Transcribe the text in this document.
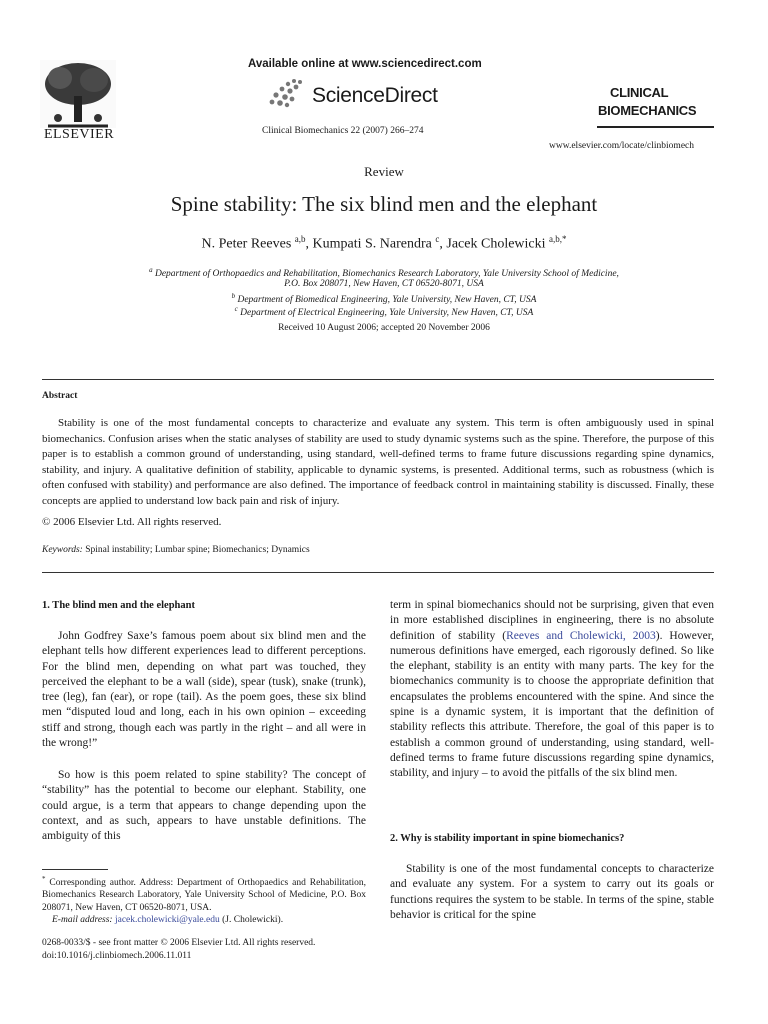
ELSEVIER
Available online at www.sciencedirect.com
ScienceDirect
Clinical Biomechanics 22 (2007) 266–274
CLINICAL
BIOMECHANICS
www.elsevier.com/locate/clinbiomech
Review
Spine stability: The six blind men and the elephant
N. Peter Reeves $^{a,b}$, Kumpati S. Narendra $^c$, Jacek Cholewicki $^{a,b,*}$
$^a$ Department of Orthopaedics and Rehabilitation, Biomechanics Research Laboratory, Yale University School of Medicine,
P.O. Box 208071, New Haven, CT 06520-8071, USA
$^b$ Department of Biomedical Engineering, Yale University, New Haven, CT, USA
$^c$ Department of Electrical Engineering, Yale University, New Haven, CT, USA
Received 10 August 2006; accepted 20 November 2006
Abstract

Stability is one of the most fundamental concepts to characterize and evaluate any system. This term is often ambiguously used in spinal biomechanics. Confusion arises when the static analyses of stability are used to study dynamic systems such as the spine. Therefore, the purpose of this paper is to establish a common ground of understanding, using standard, well-defined terms to frame future discussions regarding spine dynamics, stability, and injury. A qualitative definition of stability, applicable to dynamic systems, is presented. Additional terms, such as robustness (which is often confused with stability) and performance are also defined. The importance of feedback control in maintaining stability is discussed. Finally, these concepts are applied to understand low back pain and risk of injury.

© 2006 Elsevier Ltd. All rights reserved.
Keywords: Spinal instability; Lumbar spine; Biomechanics; Dynamics
1. The blind men and the elephant

John Godfrey Saxe’s famous poem about six blind men and the elephant tells how different experiences lead to different perceptions. For the blind men, depending on what part was touched, they perceived the elephant to be a wall (side), spear (tusk), snake (trunk), tree (leg), fan (ear), or rope (tail). As the poem goes, these six blind men “disputed loud and long, each in his own opinion – exceeding stiff and strong, though each was partly in the right – and all were in the wrong!”

So how is this poem related to spine stability? The concept of “stability” has the potential to become our elephant. Stability, one could argue, is a term that appears to change depending upon the context, and as such, appears to have unstable definitions. The ambiguity of this

* Corresponding author. Address: Department of Orthopaedics and Rehabilitation, Biomechanics Research Laboratory, Yale University School of Medicine, P.O. Box 208071, New Haven, CT 06520-8071, USA.
E-mail address: jacek.cholewicki@yale.edu (J. Cholewicki).
0268-0033/$ - see front matter © 2006 Elsevier Ltd. All rights reserved.
doi:10.1016/j.clinbiomech.2006.11.011

term in spinal biomechanics should not be surprising, given that even in more established disciplines in engineering, there is no absolute definition of stability (Reeves and Cholewicki, 2003). However, numerous definitions have emerged, each rigorously defined. So like the elephant, stability is an entity with many parts. The key for the biomechanics community is to choose the appropriate definition that encapsulates the problems encountered with the spine. And since the spine is a dynamic system, it is important that the definition of stability reflects this attribute. Therefore, the goal of this paper is to establish a common ground of understanding, using standard, well-defined terms to frame future discussions regarding spine dynamics, stability, and injury – to avoid the pitfalls of the six blind men.

2. Why is stability important in spine biomechanics?

Stability is one of the most fundamental concepts to characterize and evaluate any system. For a system to carry out its goals or functions requires the system to be stable. In terms of the spine, stable behavior is critical for the spine
